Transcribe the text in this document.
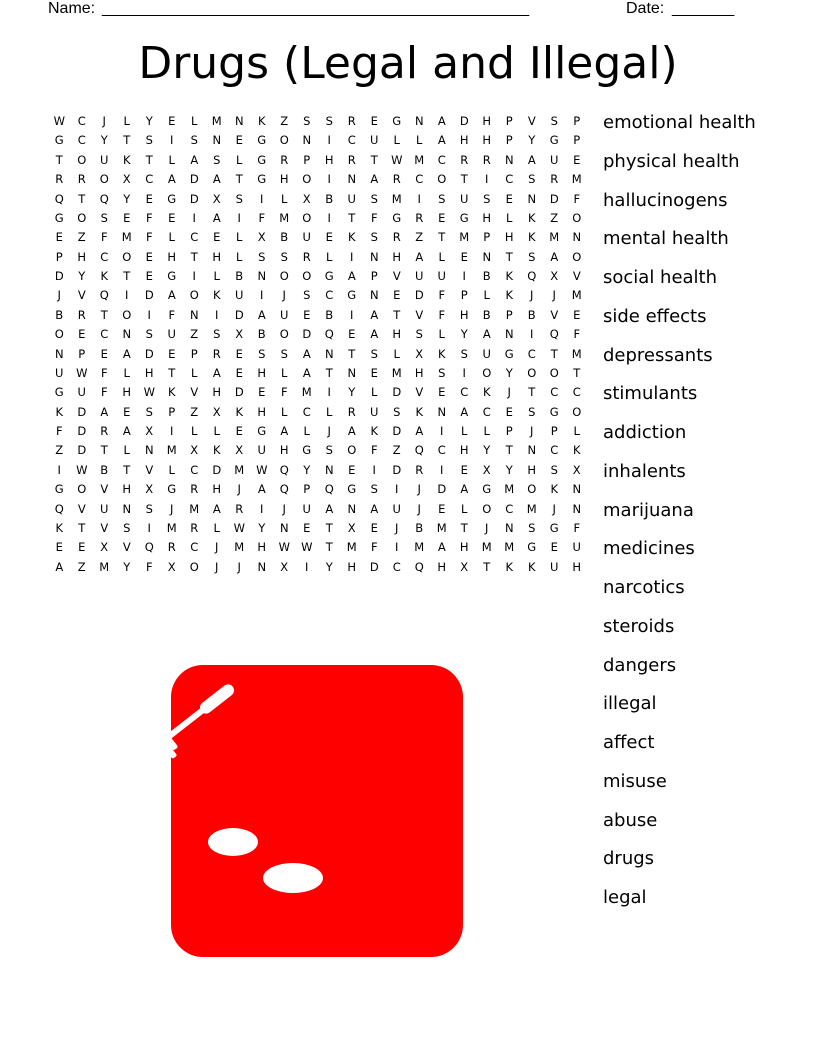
Name: ________________________________________________	Date: _______
Drugs (Legal and Illegal)
W	C	J	L	Y	E	L	M	N	K	Z	S	S	R	E	G	N	A	D	H	P	V	S	P
G	C	Y	T	S	I	S	N	E	G	O	N	I	C	U	L	L	A	H	H	P	Y	G	P
T	O	U	K	T	L	A	S	L	G	R	P	H	R	T	W	M	C	R	R	N	A	U	E
R	R	O	X	C	A	D	A	T	G	H	O	I	N	A	R	C	O	T	I	C	S	R	M
Q	T	Q	Y	E	G	D	X	S	I	L	X	B	U	S	M	I	S	U	S	E	N	D	F
G	O	S	E	F	E	I	A	I	F	M	O	I	T	F	G	R	E	G	H	L	K	Z	O
E	Z	F	M	F	L	C	E	L	X	B	U	E	K	S	R	Z	T	M	P	H	K	M	N
P	H	C	O	E	H	T	H	L	S	S	R	L	I	N	H	A	L	E	N	T	S	A	O
D	Y	K	T	E	G	I	L	B	N	O	O	G	A	P	V	U	U	I	B	K	Q	X	V
J	V	Q	I	D	A	O	K	U	I	J	S	C	G	N	E	D	F	P	L	K	J	J	M
B	R	T	O	I	F	N	I	D	A	U	E	B	I	A	T	V	F	H	B	P	B	V	E
O	E	C	N	S	U	Z	S	X	B	O	D	Q	E	A	H	S	L	Y	A	N	I	Q	F
N	P	E	A	D	E	P	R	E	S	S	A	N	T	S	L	X	K	S	U	G	C	T	M
U	W	F	L	H	T	L	A	E	H	L	A	T	N	E	M	H	S	I	O	Y	O	O	T
G	U	F	H	W	K	V	H	D	E	F	M	I	Y	L	D	V	E	C	K	J	T	C	C
K	D	A	E	S	P	Z	X	K	H	L	C	L	R	U	S	K	N	A	C	E	S	G	O
F	D	R	A	X	I	L	L	E	G	A	L	J	A	K	D	A	I	L	L	P	J	P	L
Z	D	T	L	N	M	X	K	X	U	H	G	S	O	F	Z	Q	C	H	Y	T	N	C	K
I	W	B	T	V	L	C	D	M	W	Q	Y	N	E	I	D	R	I	E	X	Y	H	S	X
G	O	V	H	X	G	R	H	J	A	Q	P	Q	G	S	I	J	D	A	G	M	O	K	N
Q	V	U	N	S	J	M	A	R	I	J	U	A	N	A	U	J	E	L	O	C	M	J	N
K	T	V	S	I	M	R	L	W	Y	N	E	T	X	E	J	B	M	T	J	N	S	G	F
E	E	X	V	Q	R	C	J	M	H	W W	T	M	F	I	M	A	H	M	M	G	E	U
A	Z	M	Y	F	X	O	J	J	N	X	I	Y	H	D	C	Q	H	X	T	K	K	U	H
emotional health
physical health
hallucinogens
mental health
social health
side effects
depressants
stimulants
addiction
inhalents
marijuana
medicines
narcotics
steroids
dangers
illegal
affect
misuse
abuse
drugs
legal
